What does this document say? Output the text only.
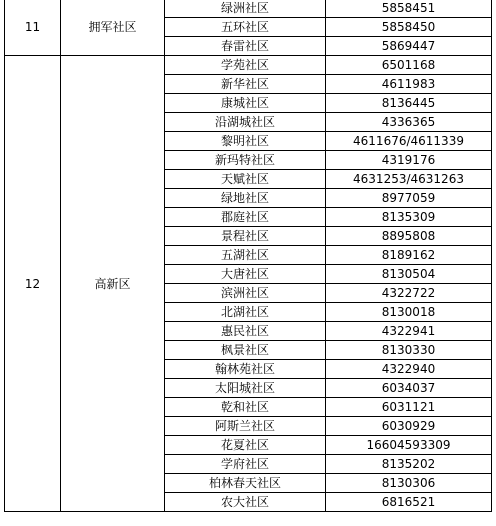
11	拥军社区	绿洲社区	5858451
		五环社区	5858450
		春雷社区	5869447
12	高新区	学苑社区	6501168
		新华社区	4611983
		康城社区	8136445
		沿湖城社区	4336365
		黎明社区	4611676/4611339
		新玛特社区	4319176
		天赋社区	4631253/4631263
		绿地社区	8977059
		郡庭社区	8135309
		景程社区	8895808
		五湖社区	8189162
		大唐社区	8130504
		滨洲社区	4322722
		北湖社区	8130018
		惠民社区	4322941
		枫景社区	8130330
		翰林苑社区	4322940
		太阳城社区	6034037
		乾和社区	6031121
		阿斯兰社区	6030929
		花夏社区	16604593309
		学府社区	8135202
		柏林春天社区	8130306
		农大社区	6816521
